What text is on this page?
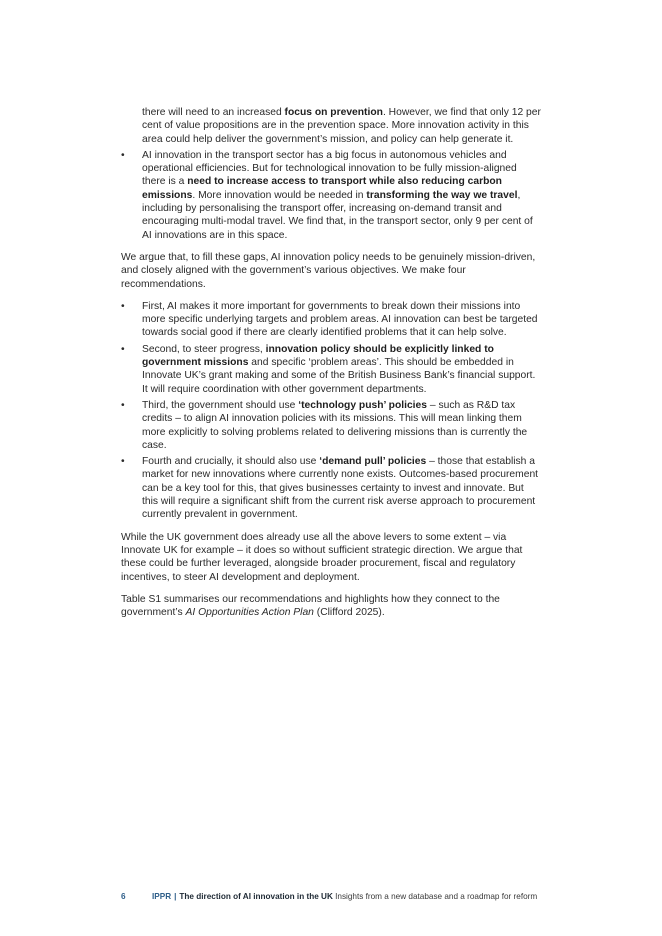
there will need to an increased focus on prevention. However, we find that only 12 per cent of value propositions are in the prevention space. More innovation activity in this area could help deliver the government’s mission, and policy can help generate it.
•	AI innovation in the transport sector has a big focus in autonomous vehicles and operational efficiencies. But for technological innovation to be fully mission-aligned there is a need to increase access to transport while also reducing carbon emissions. More innovation would be needed in transforming the way we travel, including by personalising the transport offer, increasing on-demand transit and encouraging multi-modal travel. We find that, in the transport sector, only 9 per cent of AI innovations are in this space.

We argue that, to fill these gaps, AI innovation policy needs to be genuinely mission-driven, and closely aligned with the government’s various objectives. We make four recommendations.

•	First, AI makes it more important for governments to break down their missions into more specific underlying targets and problem areas. AI innovation can best be targeted towards social good if there are clearly identified problems that it can help solve.
•	Second, to steer progress, innovation policy should be explicitly linked to government missions and specific ‘problem areas’. This should be embedded in Innovate UK’s grant making and some of the British Business Bank’s financial support. It will require coordination with other government departments.
•	Third, the government should use ‘technology push’ policies – such as R&D tax credits – to align AI innovation policies with its missions. This will mean linking them more explicitly to solving problems related to delivering missions than is currently the case.
•	Fourth and crucially, it should also use ‘demand pull’ policies – those that establish a market for new innovations where currently none exists. Outcomes-based procurement can be a key tool for this, that gives businesses certainty to invest and innovate. But this will require a significant shift from the current risk averse approach to procurement currently prevalent in government.

While the UK government does already use all the above levers to some extent – via Innovate UK for example – it does so without sufficient strategic direction. We argue that these could be further leveraged, alongside broader procurement, fiscal and regulatory incentives, to steer AI development and deployment.

Table S1 summarises our recommendations and highlights how they connect to the government’s AI Opportunities Action Plan (Clifford 2025).

6	IPPR | The direction of AI innovation in the UK Insights from a new database and a roadmap for reform
